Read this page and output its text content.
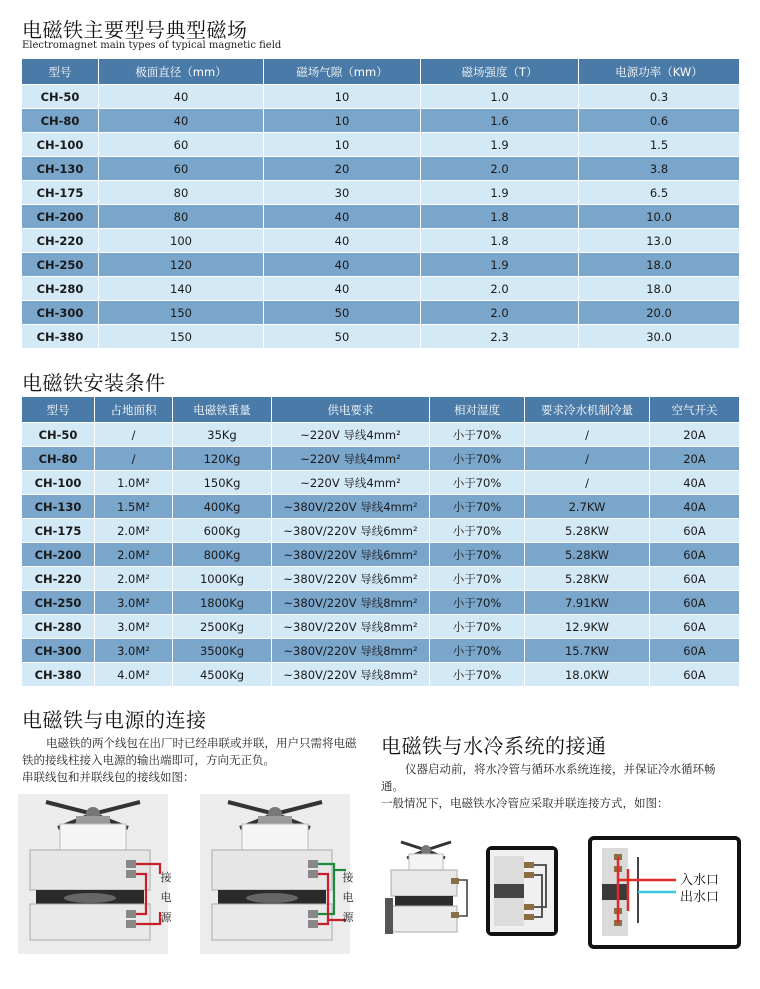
电磁铁主要型号典型磁场
Electromagnet main types of typical magnetic field
型号	极面直径（mm）	磁场气隙（mm）	磁场强度（T）	电源功率（KW）
CH-50	40	10	1.0	0.3
CH-80	40	10	1.6	0.6
CH-100	60	10	1.9	1.5
CH-130	60	20	2.0	3.8
CH-175	80	30	1.9	6.5
CH-200	80	40	1.8	10.0
CH-220	100	40	1.8	13.0
CH-250	120	40	1.9	18.0
CH-280	140	40	2.0	18.0
CH-300	150	50	2.0	20.0
CH-380	150	50	2.3	30.0
电磁铁安装条件
型号	占地面积	电磁铁重量	供电要求	相对湿度	要求冷水机制冷量	空气开关
CH-50	/	35Kg	~220V 导线4mm²	小于70%	/	20A
CH-80	/	120Kg	~220V 导线4mm²	小于70%	/	20A
CH-100	1.0M²	150Kg	~220V 导线4mm²	小于70%	/	40A
CH-130	1.5M²	400Kg	~380V/220V 导线4mm²	小于70%	2.7KW	40A
CH-175	2.0M²	600Kg	~380V/220V 导线6mm²	小于70%	5.28KW	60A
CH-200	2.0M²	800Kg	~380V/220V 导线6mm²	小于70%	5.28KW	60A
CH-220	2.0M²	1000Kg	~380V/220V 导线6mm²	小于70%	5.28KW	60A
CH-250	3.0M²	1800Kg	~380V/220V 导线8mm²	小于70%	7.91KW	60A
CH-280	3.0M²	2500Kg	~380V/220V 导线8mm²	小于70%	12.9KW	60A
CH-300	3.0M²	3500Kg	~380V/220V 导线8mm²	小于70%	15.7KW	60A
CH-380	4.0M²	4500Kg	~380V/220V 导线8mm²	小于70%	18.0KW	60A
电磁铁与电源的连接

电磁铁的两个线包在出厂时已经串联或并联，用户只需将电磁铁的接线柱接入电源的输出端即可，方向无正负。

串联线包和并联线包的接线如图：

接
电
源
接
电
源
电磁铁与水冷系统的接通

仪器启动前，将水冷管与循环水系统连接，并保证冷水循环畅通。

一般情况下，电磁铁水冷管应采取并联连接方式，如图：

入水口
出水口
